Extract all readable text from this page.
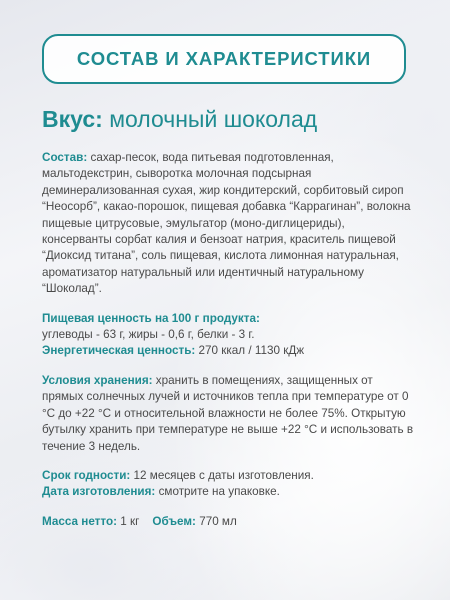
СОСТАВ И ХАРАКТЕРИСТИКИ
Вкус: молочный шоколад

Состав: сахар-песок, вода питьевая подготовленная, мальтодекстрин, сыворотка молочная подсырная деминерализованная сухая, жир кондитерский, сорбитовый сироп “Неосорб”, какао-порошок, пищевая добавка “Каррагинан”, волокна пищевые цитрусовые, эмульгатор (моно-диглицериды), консерванты сорбат калия и бензоат натрия, краситель пищевой “Диоксид титана”, соль пищевая, кислота лимонная натуральная, ароматизатор натуральный или идентичный натуральному “Шоколад”.

Пищевая ценность на 100 г продукта:
углеводы - 63 г, жиры - 0,6 г, белки - 3 г.
Энергетическая ценность: 270 ккал / 1130 кДж

Условия хранения: хранить в помещениях, защищенных от прямых солнечных лучей и источников тепла при температуре от 0 °С до +22 °С и относительной влажности не более 75%. Открытую бутылку хранить при температуре не выше +22 °С и использовать в течение 3 недель.

Срок годности: 12 месяцев с даты изготовления.
Дата изготовления: смотрите на упаковке.

Масса нетто: 1 кг Объем: 770 мл
